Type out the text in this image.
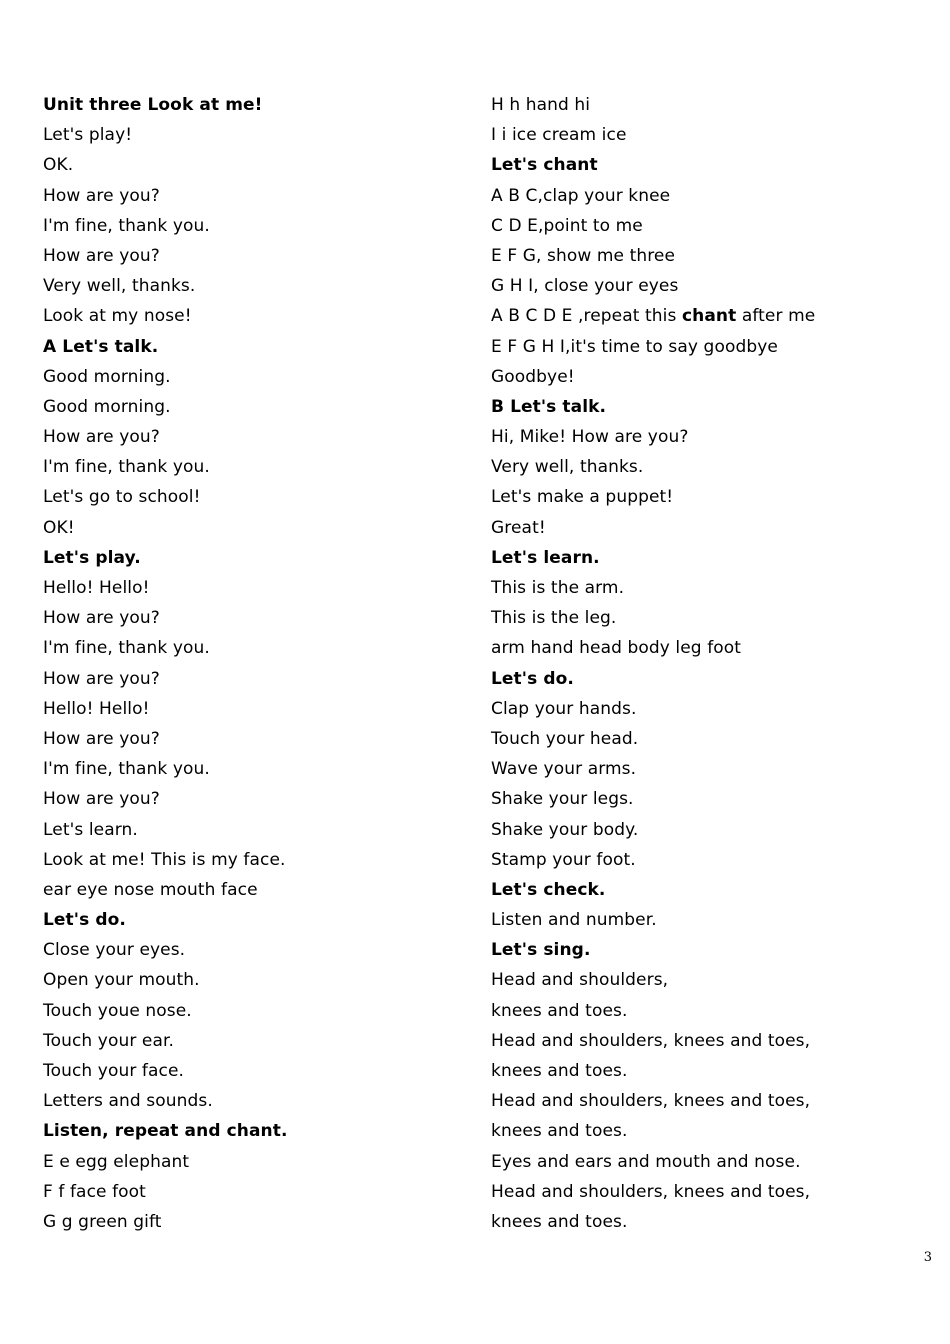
Unit three Look at me!
Let's play!
OK.
How are you?
I'm fine, thank you.
How are you?
Very well, thanks.
Look at my nose!
A Let's talk.
Good morning.
Good morning.
How are you?
I'm fine, thank you.
Let's go to school!
OK!
Let's play.
Hello! Hello!
How are you?
I'm fine, thank you.
How are you?
Hello! Hello!
How are you?
I'm fine, thank you.
How are you?
Let's learn.
Look at me! This is my face.
ear eye nose mouth face
Let's do.
Close your eyes.
Open your mouth.
Touch youe nose.
Touch your ear.
Touch your face.
Letters and sounds.
Listen, repeat and chant.
E e egg elephant
F f face foot
G g green gift
H h hand hi
I i ice cream ice
Let's chant
A B C,clap your knee
C D E,point to me
E F G, show me three
G H I, close your eyes
A B C D E ,repeat this chant after me
E F G H I,it's time to say goodbye
Goodbye!
B Let's talk.
Hi, Mike! How are you?
Very well, thanks.
Let's make a puppet!
Great!
Let's learn.
This is the arm.
This is the leg.
arm hand head body leg foot
Let's do.
Clap your hands.
Touch your head.
Wave your arms.
Shake your legs.
Shake your body.
Stamp your foot.
Let's check.
Listen and number.
Let's sing.
Head and shoulders,
knees and toes.
Head and shoulders, knees and toes,
knees and toes.
Head and shoulders, knees and toes,
knees and toes.
Eyes and ears and mouth and nose.
Head and shoulders, knees and toes,
knees and toes.
3
